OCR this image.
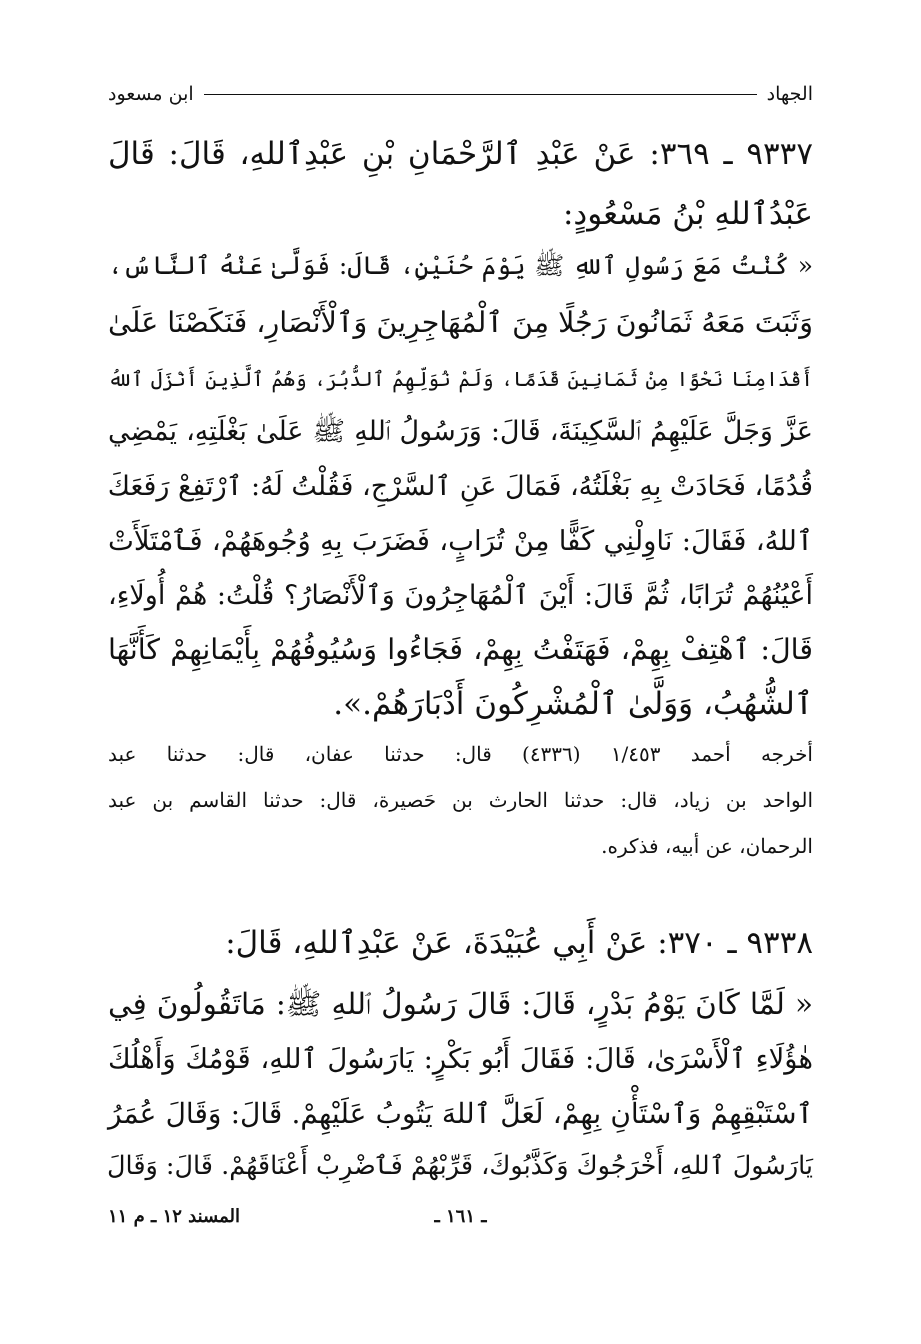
الجهاد
ابن مسعود
٩٣٣٧ ـ ٣٦٩: عَنْ عَبْدِ ٱلرَّحْمَانِ بْنِ عَبْدِٱللهِ، قَالَ: قَالَ
عَبْدُٱللهِ بْنُ مَسْعُودٍ:
« كُنْتُ مَعَ رَسُولِ ٱللهِ ﷺ يَوْمَ حُنَيْنٍ، قَالَ: فَوَلَّىٰ عَنْهُ ٱلنَّاسُ،
وَثَبَتَ مَعَهُ ثَمَانُونَ رَجُلًا مِنَ ٱلْمُهَاجِرِينَ وَٱلْأَنْصَارِ، فَنَكَصْنَا عَلَىٰ
أَقْدَامِنَا نَحْوًا مِنْ ثَمَانِينَ قَدَمًا، وَلَمْ نُوَلِّهِمُ ٱلدُّبُرَ، وَهُمُ ٱلَّذِينَ أَنْزَلَ ٱللهُ
عَزَّ وَجَلَّ عَلَيْهِمُ ٱلسَّكِينَةَ، قَالَ: وَرَسُولُ ٱللهِ ﷺ عَلَىٰ بَغْلَتِهِ، يَمْضِي
قُدُمًا، فَحَادَتْ بِهِ بَغْلَتُهُ، فَمَالَ عَنِ ٱلسَّرْجِ، فَقُلْتُ لَهُ: ٱرْتَفِعْ رَفَعَكَ
ٱللهُ، فَقَالَ: نَاوِلْنِي كَفًّا مِنْ تُرَابٍ، فَضَرَبَ بِهِ وُجُوهَهُمْ، فَٱمْتَلَأَتْ
أَعْيُنُهُمْ تُرَابًا، ثُمَّ قَالَ: أَيْنَ ٱلْمُهَاجِرُونَ وَٱلْأَنْصَارُ؟ قُلْتُ: هُمْ أُولَاءِ،
قَالَ: ٱهْتِفْ بِهِمْ، فَهَتَفْتُ بِهِمْ، فَجَاءُوا وَسُيُوفُهُمْ بِأَيْمَانِهِمْ كَأَنَّهَا
ٱلشُّهُبُ، وَوَلَّىٰ ٱلْمُشْرِكُونَ أَدْبَارَهُمْ.».
أخرجه أحمد ١/٤٥٣ (٤٣٣٦) قال: حدثنا عفان، قال: حدثنا عبد
الواحد بن زياد، قال: حدثنا الحارث بن حَصيرة، قال: حدثنا القاسم بن عبد
الرحمان، عن أبيه، فذكره.
٩٣٣٨ ـ ٣٧٠: عَنْ أَبِي عُبَيْدَةَ، عَنْ عَبْدِٱللهِ، قَالَ:
« لَمَّا كَانَ يَوْمُ بَدْرٍ، قَالَ: قَالَ رَسُولُ ٱللهِ ﷺ: مَاتَقُولُونَ فِي
هٰؤُلَاءِ ٱلْأَسْرَىٰ، قَالَ: فَقَالَ أَبُو بَكْرٍ: يَارَسُولَ ٱللهِ، قَوْمُكَ وَأَهْلُكَ
ٱسْتَبْقِهِمْ وَٱسْتَأْنِ بِهِمْ، لَعَلَّ ٱللهَ يَتُوبُ عَلَيْهِمْ. قَالَ: وَقَالَ عُمَرُ
يَارَسُولَ ٱللهِ، أَخْرَجُوكَ وَكَذَّبُوكَ، قَرِّبْهُمْ فَٱضْرِبْ أَعْنَاقَهُمْ. قَالَ: وَقَالَ
ـ ١٦١ ـ
المسند ١٢ ـ م ١١
